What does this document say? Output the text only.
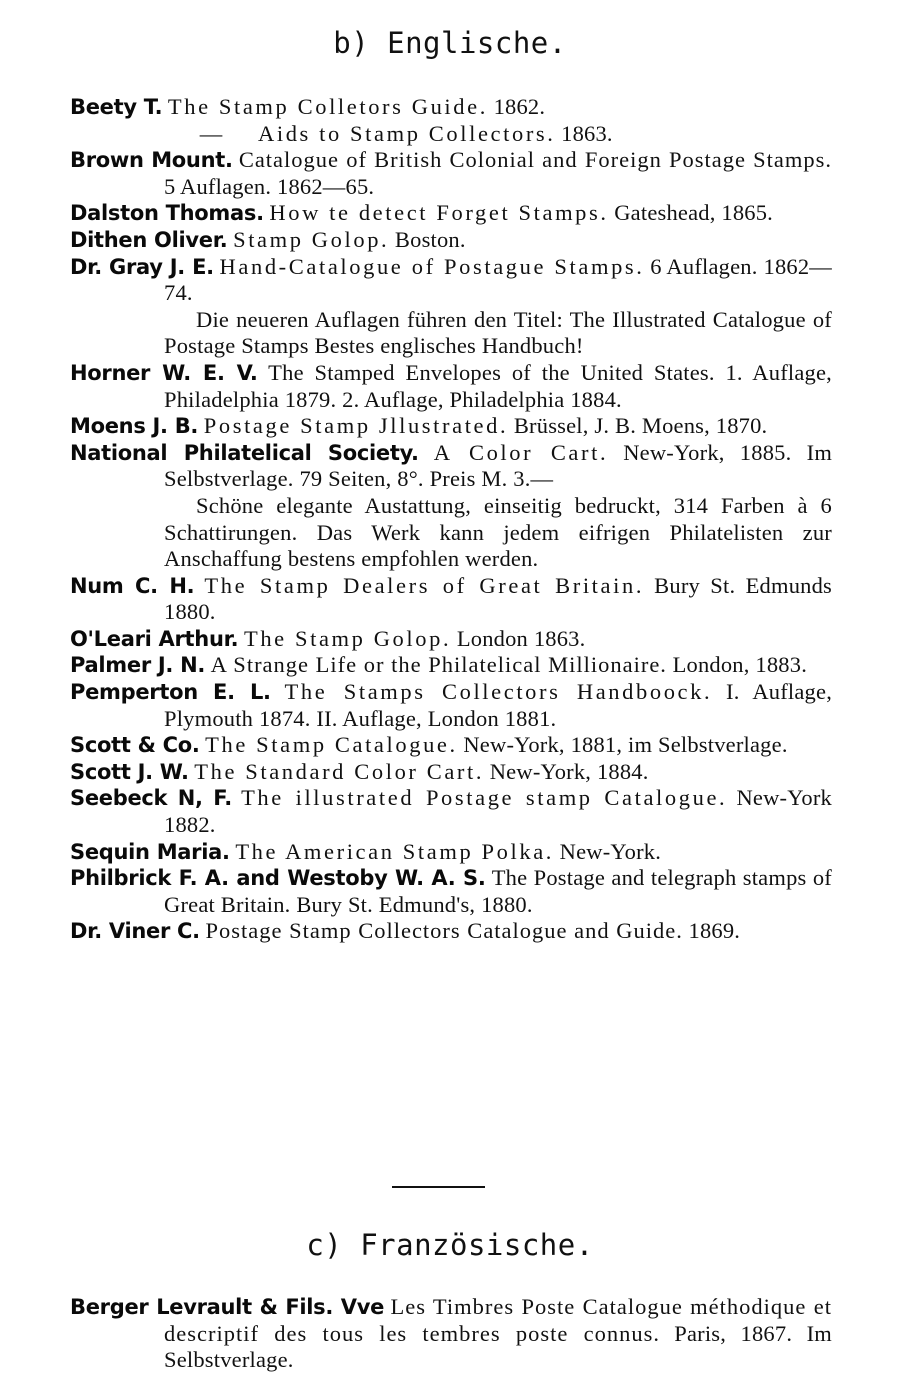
b) Englische.
Beety T. The Stamp Colletors Guide. 1862.
— Aids to Stamp Collectors. 1863.
Brown Mount. Catalogue of British Colonial and Foreign Postage Stamps. 5 Auflagen. 1862—65.
Dalston Thomas. How te detect Forget Stamps. Gateshead, 1865.
Dithen Oliver. Stamp Golop. Boston.
Dr. Gray J. E. Hand-Catalogue of Postague Stamps. 6 Auflagen. 1862—74.
Die neueren Auflagen führen den Titel: The Illustrated Catalogue of Postage Stamps Bestes englisches Handbuch!
Horner W. E. V. The Stamped Envelopes of the United States. 1. Auflage, Philadelphia 1879. 2. Auflage, Philadelphia 1884.
Moens J. B. Postage Stamp Jllustrated. Brüssel, J. B. Moens, 1870.
National Philatelical Society. A Color Cart. New-York, 1885. Im Selbstverlage. 79 Seiten, 8°. Preis M. 3.—
Schöne elegante Austattung, einseitig bedruckt, 314 Farben à 6 Schattirungen. Das Werk kann jedem eifrigen Philatelisten zur Anschaffung bestens empfohlen werden.
Num C. H. The Stamp Dealers of Great Britain. Bury St. Edmunds 1880.
O'Leari Arthur. The Stamp Golop. London 1863.
Palmer J. N. A Strange Life or the Philatelical Millionaire. London, 1883.
Pemperton E. L. The Stamps Collectors Handboock. I. Auflage, Plymouth 1874. II. Auflage, London 1881.
Scott & Co. The Stamp Catalogue. New-York, 1881, im Selbstverlage.
Scott J. W. The Standard Color Cart. New-York, 1884.
Seebeck N, F. The illustrated Postage stamp Catalogue. New-York 1882.
Sequin Maria. The American Stamp Polka. New-York.
Philbrick F. A. and Westoby W. A. S. The Postage and telegraph stamps of Great Britain. Bury St. Edmund's, 1880.
Dr. Viner C. Postage Stamp Collectors Catalogue and Guide. 1869.
c) Französische.
Berger Levrault & Fils. Vve Les Timbres Poste Catalogue méthodique et descriptif des tous les tembres poste connus. Paris, 1867. Im Selbstverlage.
